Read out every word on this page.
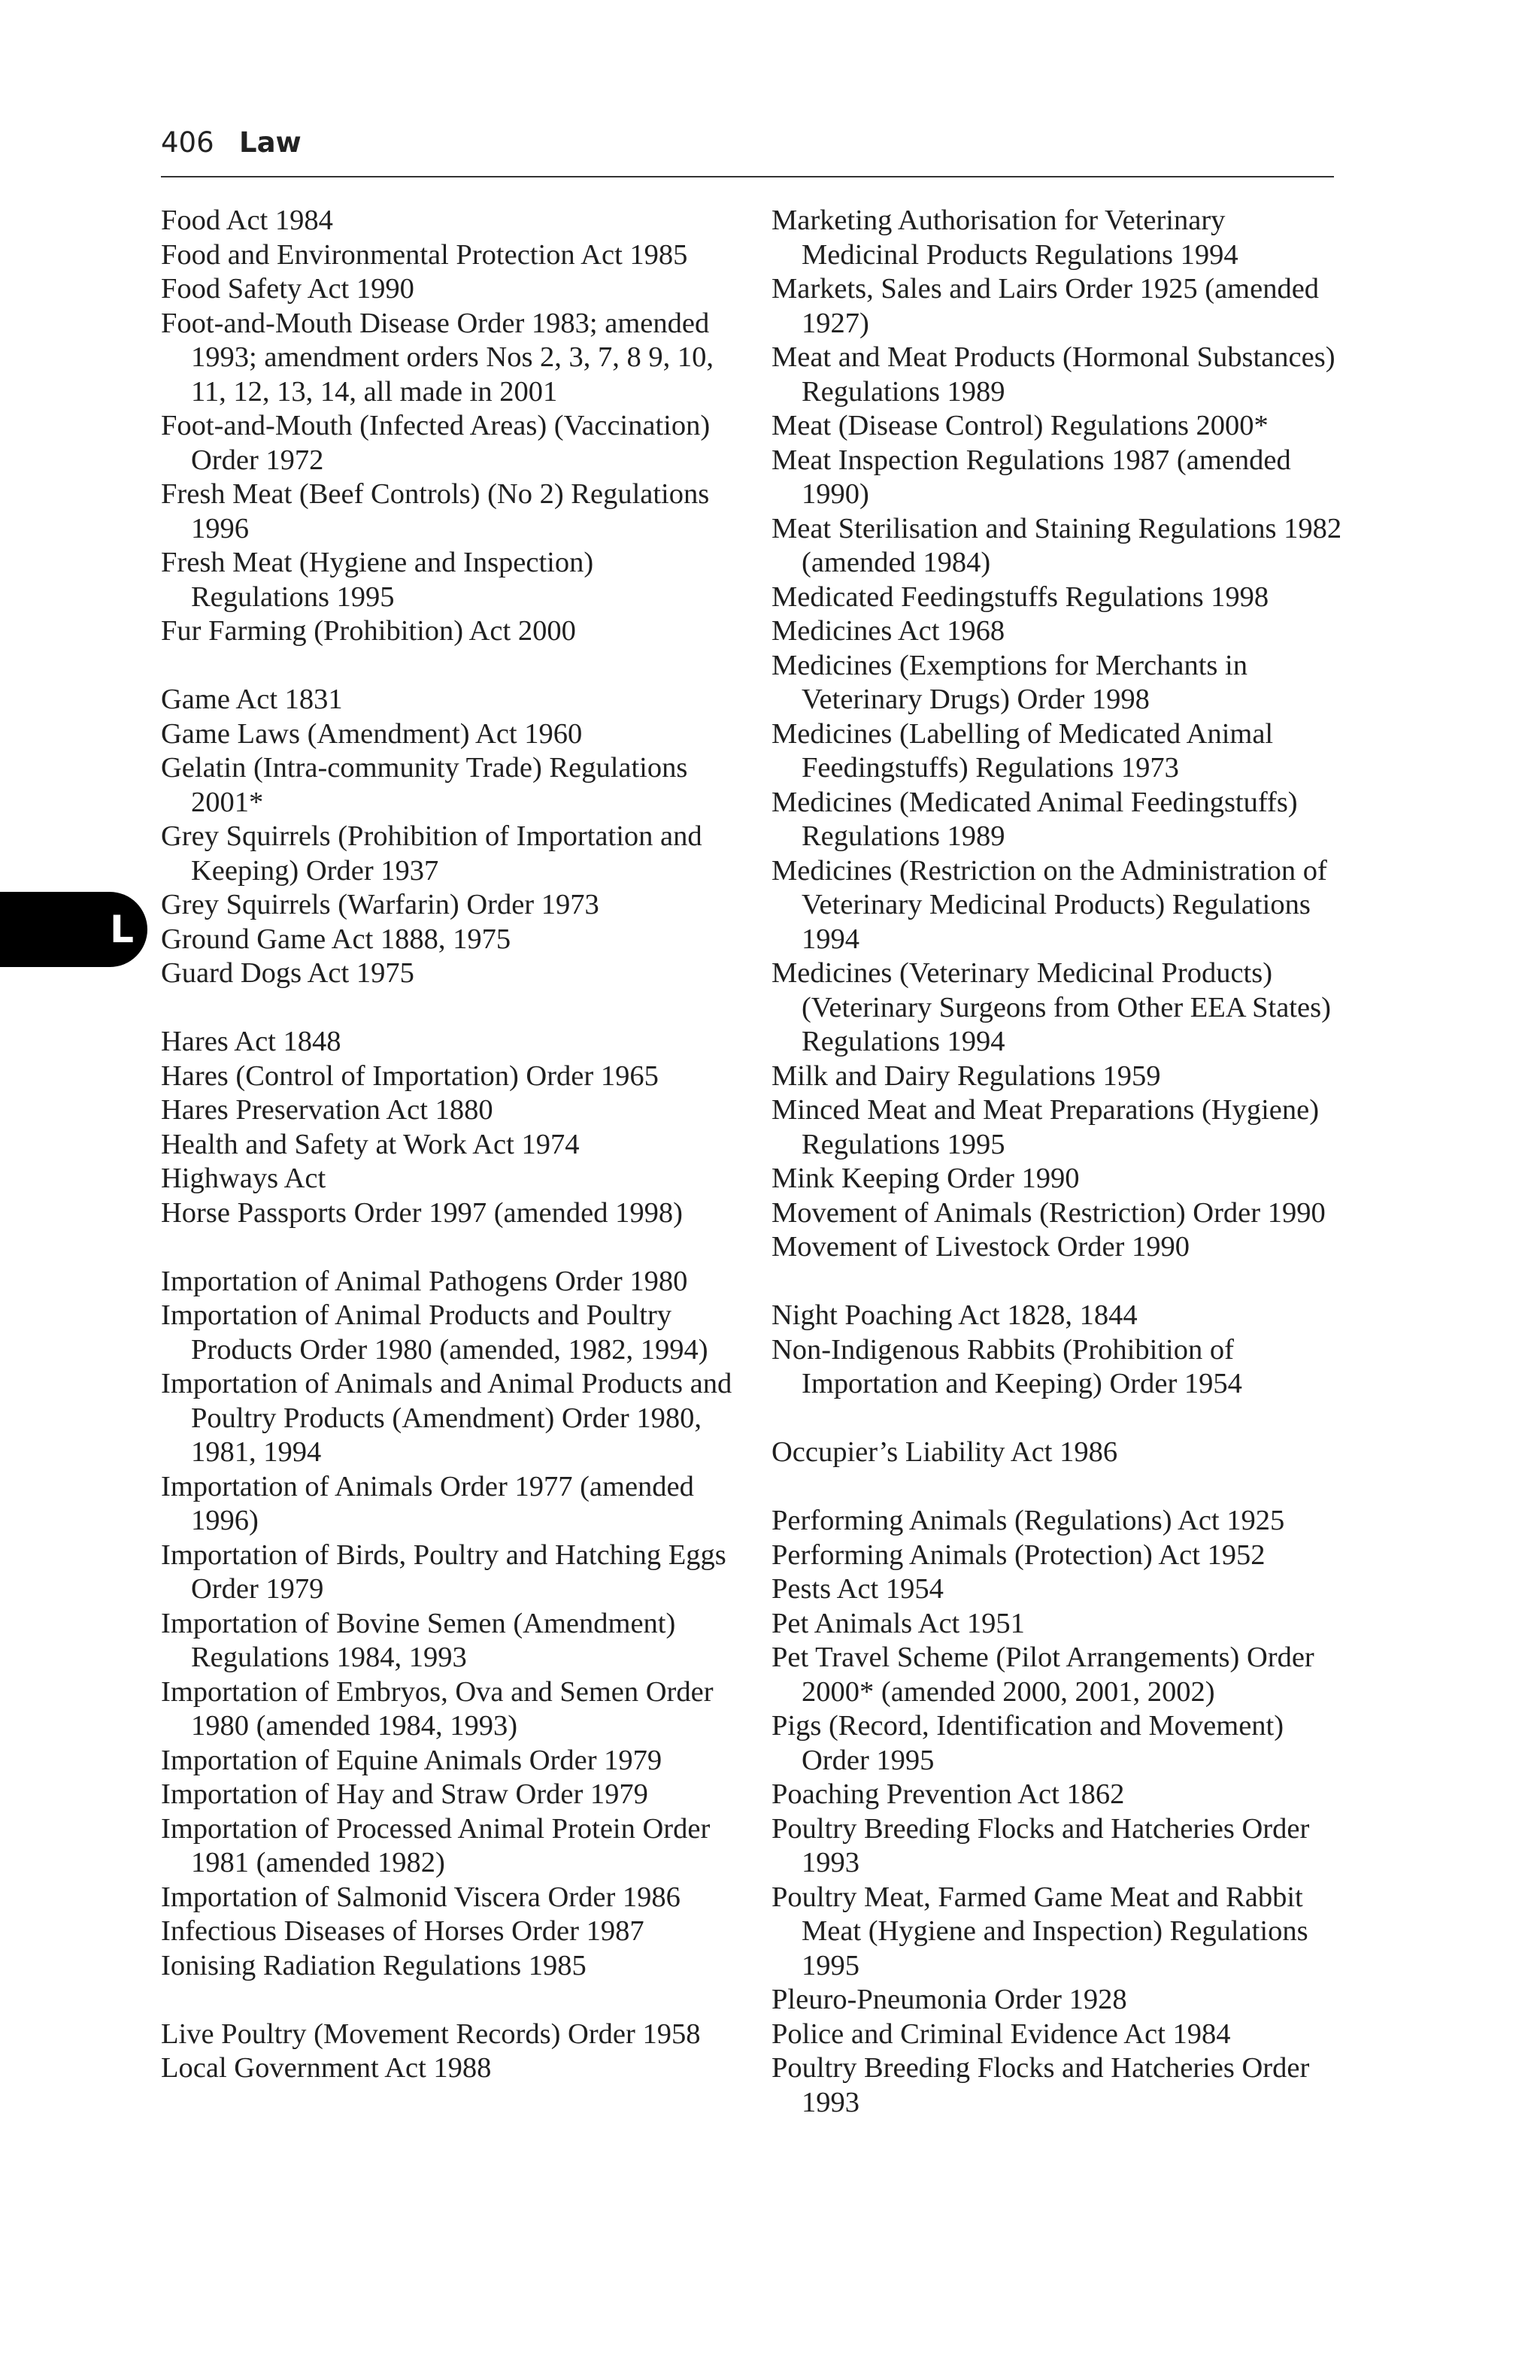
406 Law
L
Food Act 1984
Food and Environmental Protection Act 1985
Food Safety Act 1990
Foot-and-Mouth Disease Order 1983; amended 1993; amendment orders Nos 2, 3, 7, 8 9, 10, 11, 12, 13, 14, all made in 2001
Foot-and-Mouth (Infected Areas) (Vaccination) Order 1972
Fresh Meat (Beef Controls) (No 2) Regulations 1996
Fresh Meat (Hygiene and Inspection) Regulations 1995
Fur Farming (Prohibition) Act 2000
Game Act 1831
Game Laws (Amendment) Act 1960
Gelatin (Intra-community Trade) Regulations 2001*
Grey Squirrels (Prohibition of Importation and Keeping) Order 1937
Grey Squirrels (Warfarin) Order 1973
Ground Game Act 1888, 1975
Guard Dogs Act 1975
Hares Act 1848
Hares (Control of Importation) Order 1965
Hares Preservation Act 1880
Health and Safety at Work Act 1974
Highways Act
Horse Passports Order 1997 (amended 1998)
Importation of Animal Pathogens Order 1980
Importation of Animal Products and Poultry Products Order 1980 (amended, 1982, 1994)
Importation of Animals and Animal Products and Poultry Products (Amendment) Order 1980, 1981, 1994
Importation of Animals Order 1977 (amended 1996)
Importation of Birds, Poultry and Hatching Eggs Order 1979
Importation of Bovine Semen (Amendment) Regulations 1984, 1993
Importation of Embryos, Ova and Semen Order 1980 (amended 1984, 1993)
Importation of Equine Animals Order 1979
Importation of Hay and Straw Order 1979
Importation of Processed Animal Protein Order 1981 (amended 1982)
Importation of Salmonid Viscera Order 1986
Infectious Diseases of Horses Order 1987
Ionising Radiation Regulations 1985
Live Poultry (Movement Records) Order 1958
Local Government Act 1988
Marketing Authorisation for Veterinary Medicinal Products Regulations 1994
Markets, Sales and Lairs Order 1925 (amended 1927)
Meat and Meat Products (Hormonal Substances) Regulations 1989
Meat (Disease Control) Regulations 2000*
Meat Inspection Regulations 1987 (amended 1990)
Meat Sterilisation and Staining Regulations 1982 (amended 1984)
Medicated Feedingstuffs Regulations 1998
Medicines Act 1968
Medicines (Exemptions for Merchants in Veterinary Drugs) Order 1998
Medicines (Labelling of Medicated Animal Feedingstuffs) Regulations 1973
Medicines (Medicated Animal Feedingstuffs) Regulations 1989
Medicines (Restriction on the Administration of Veterinary Medicinal Products) Regulations 1994
Medicines (Veterinary Medicinal Products) (Veterinary Surgeons from Other EEA States) Regulations 1994
Milk and Dairy Regulations 1959
Minced Meat and Meat Preparations (Hygiene) Regulations 1995
Mink Keeping Order 1990
Movement of Animals (Restriction) Order 1990
Movement of Livestock Order 1990
Night Poaching Act 1828, 1844
Non-Indigenous Rabbits (Prohibition of Importation and Keeping) Order 1954
Occupier’s Liability Act 1986
Performing Animals (Regulations) Act 1925
Performing Animals (Protection) Act 1952
Pests Act 1954
Pet Animals Act 1951
Pet Travel Scheme (Pilot Arrangements) Order 2000* (amended 2000, 2001, 2002)
Pigs (Record, Identification and Movement) Order 1995
Poaching Prevention Act 1862
Poultry Breeding Flocks and Hatcheries Order 1993
Poultry Meat, Farmed Game Meat and Rabbit Meat (Hygiene and Inspection) Regulations 1995
Pleuro-Pneumonia Order 1928
Police and Criminal Evidence Act 1984
Poultry Breeding Flocks and Hatcheries Order 1993
